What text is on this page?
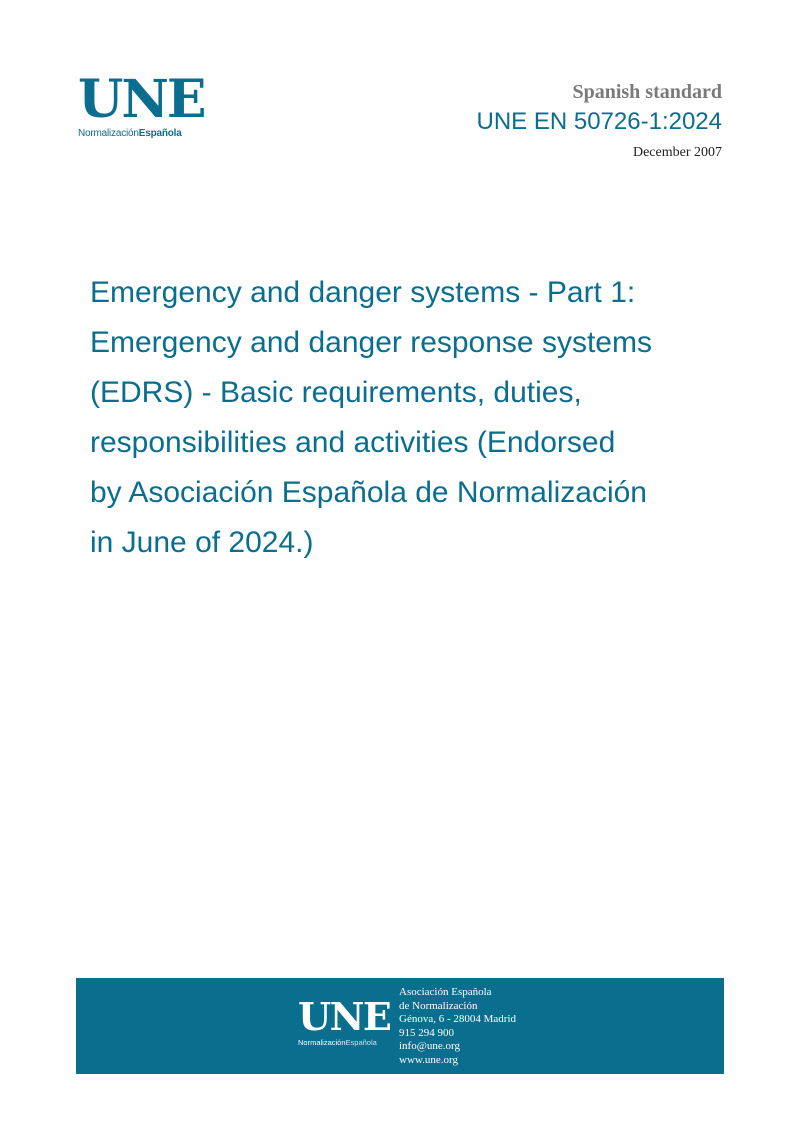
UNE
NormalizaciónEspañola
Spanish standard
UNE EN 50726-1:2024
December 2007
Emergency and danger systems - Part 1:
Emergency and danger response systems
(EDRS) - Basic requirements, duties,
responsibilities and activities (Endorsed
by Asociación Española de Normalización
in June of 2024.)
UNE
NormalizaciónEspañola
Asociación Española
de Normalización
Génova, 6 - 28004 Madrid
915 294 900
info@une.org
www.une.org
